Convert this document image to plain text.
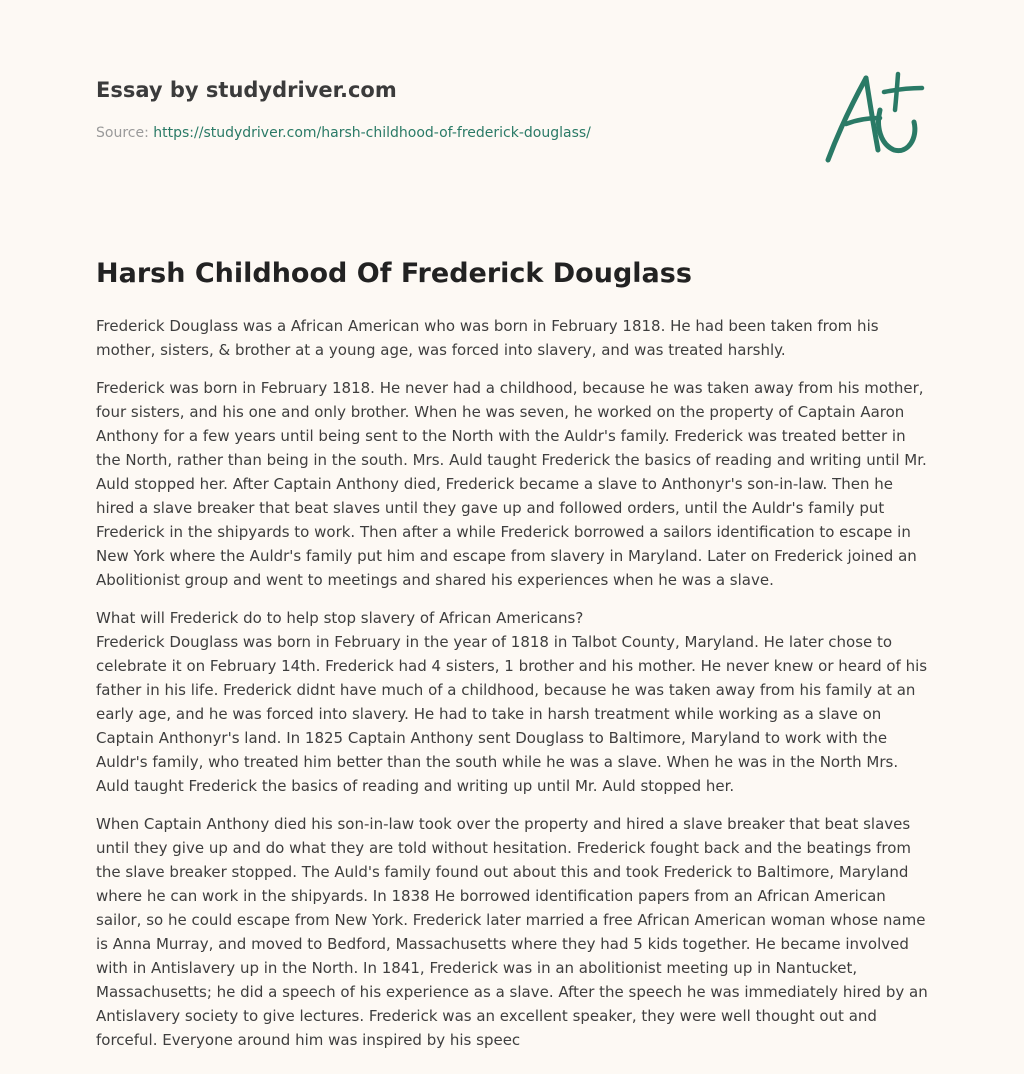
Essay by studydriver.com
Source: https://studydriver.com/harsh-childhood-of-frederick-douglass/
Harsh Childhood Of Frederick Douglass

Frederick Douglass was a African American who was born in February 1818. He had been taken from his mother, sisters, & brother at a young age, was forced into slavery, and was treated harshly.

Frederick was born in February 1818. He never had a childhood, because he was taken away from his mother, four sisters, and his one and only brother. When he was seven, he worked on the property of Captain Aaron Anthony for a few years until being sent to the North with the Auldr's family. Frederick was treated better in the North, rather than being in the south. Mrs. Auld taught Frederick the basics of reading and writing until Mr. Auld stopped her. After Captain Anthony died, Frederick became a slave to Anthonyr's son-in-law. Then he hired a slave breaker that beat slaves until they gave up and followed orders, until the Auldr's family put Frederick in the shipyards to work. Then after a while Frederick borrowed a sailors identification to escape in New York where the Auldr's family put him and escape from slavery in Maryland. Later on Frederick joined an Abolitionist group and went to meetings and shared his experiences when he was a slave.

What will Frederick do to help stop slavery of African Americans?
Frederick Douglass was born in February in the year of 1818 in Talbot County, Maryland. He later chose to celebrate it on February 14th. Frederick had 4 sisters, 1 brother and his mother. He never knew or heard of his father in his life. Frederick didnt have much of a childhood, because he was taken away from his family at an early age, and he was forced into slavery. He had to take in harsh treatment while working as a slave on Captain Anthonyr's land. In 1825 Captain Anthony sent Douglass to Baltimore, Maryland to work with the Auldr's family, who treated him better than the south while he was a slave. When he was in the North Mrs. Auld taught Frederick the basics of reading and writing up until Mr. Auld stopped her.

When Captain Anthony died his son-in-law took over the property and hired a slave breaker that beat slaves until they give up and do what they are told without hesitation. Frederick fought back and the beatings from the slave breaker stopped. The Auld's family found out about this and took Frederick to Baltimore, Maryland where he can work in the shipyards. In 1838 He borrowed identification papers from an African American sailor, so he could escape from New York. Frederick later married a free African American woman whose name is Anna Murray, and moved to Bedford, Massachusetts where they had 5 kids together. He became involved with in Antislavery up in the North. In 1841, Frederick was in an abolitionist meeting up in Nantucket, Massachusetts; he did a speech of his experience as a slave. After the speech he was immediately hired by an Antislavery society to give lectures. Frederick was an excellent speaker, they were well thought out and forceful. Everyone around him was inspired by his speec
